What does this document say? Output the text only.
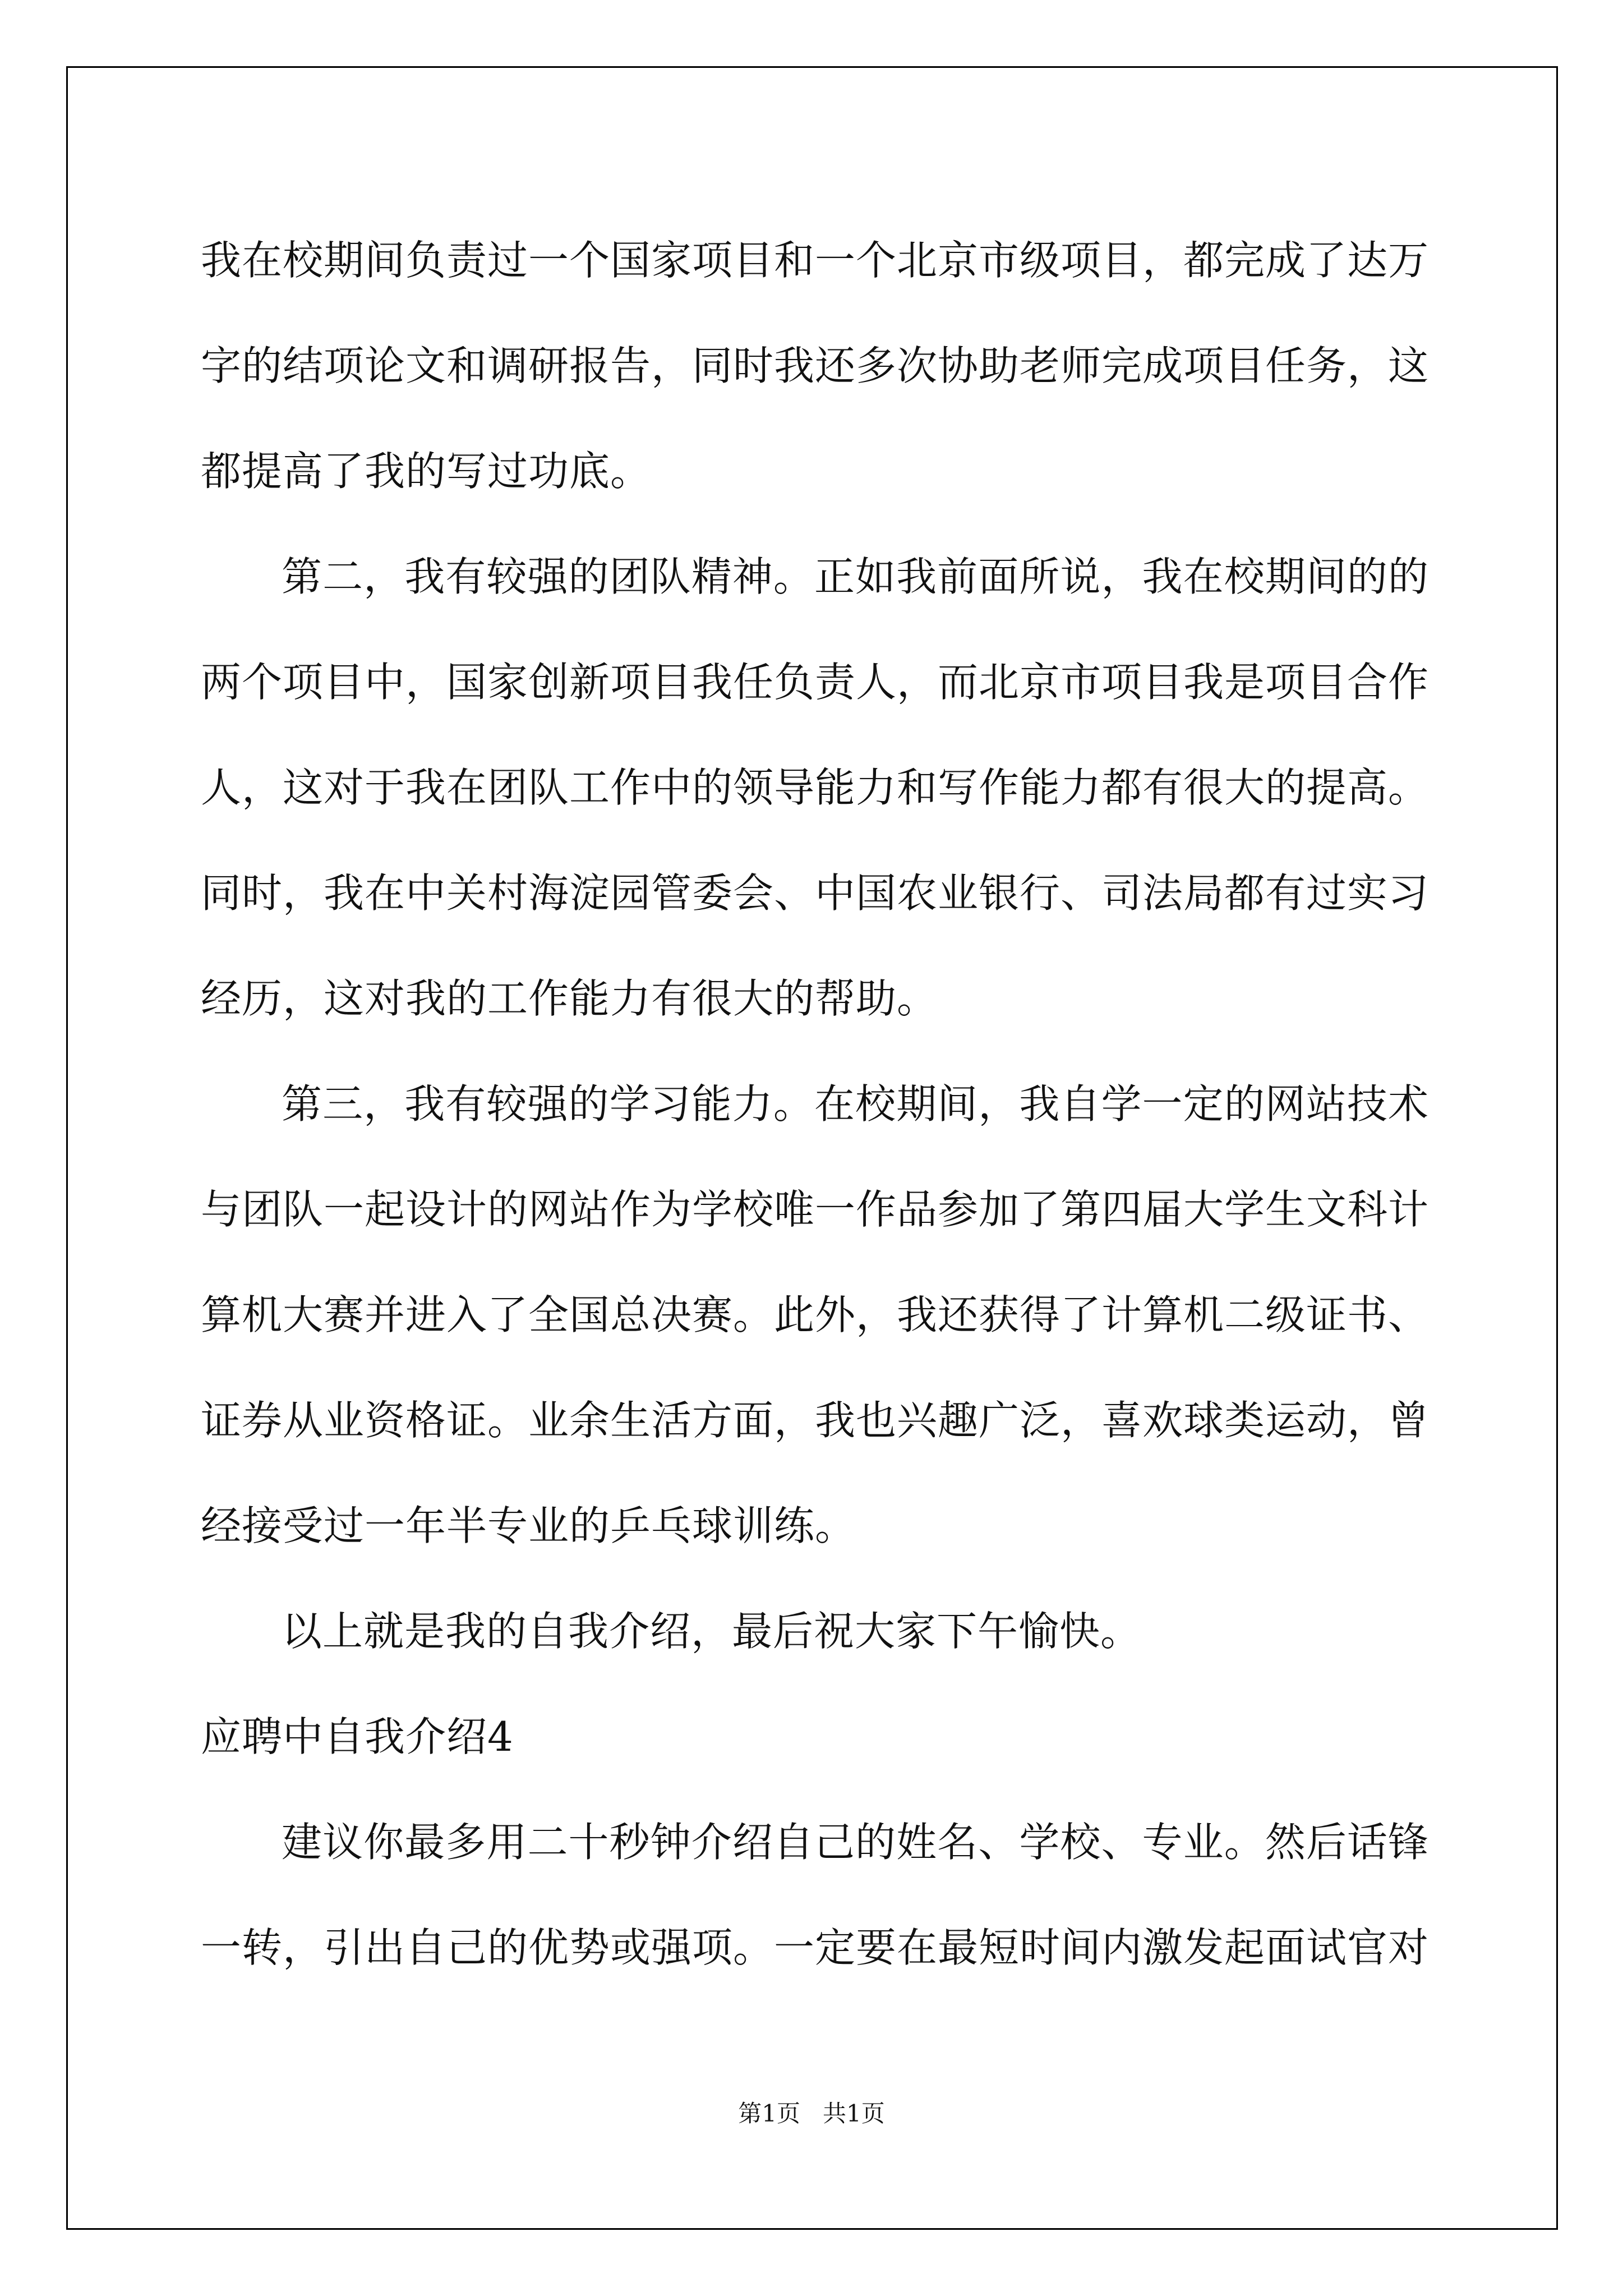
我在校期间负责过一个国家项目和一个北京市级项目，都完成了达万
字的结项论文和调研报告，同时我还多次协助老师完成项目任务，这
都提高了我的写过功底。
第二，我有较强的团队精神。正如我前面所说，我在校期间的的
两个项目中，国家创新项目我任负责人，而北京市项目我是项目合作
人，这对于我在团队工作中的领导能力和写作能力都有很大的提高。
同时，我在中关村海淀园管委会、中国农业银行、司法局都有过实习
经历，这对我的工作能力有很大的帮助。
第三，我有较强的学习能力。在校期间，我自学一定的网站技术
与团队一起设计的网站作为学校唯一作品参加了第四届大学生文科计
算机大赛并进入了全国总决赛。此外，我还获得了计算机二级证书、
证券从业资格证。业余生活方面，我也兴趣广泛，喜欢球类运动，曾
经接受过一年半专业的乒乓球训练。
以上就是我的自我介绍，最后祝大家下午愉快。
应聘中自我介绍4
建议你最多用二十秒钟介绍自己的姓名、学校、专业。然后话锋
一转，引出自己的优势或强项。一定要在最短时间内激发起面试官对
第1页 共1页
